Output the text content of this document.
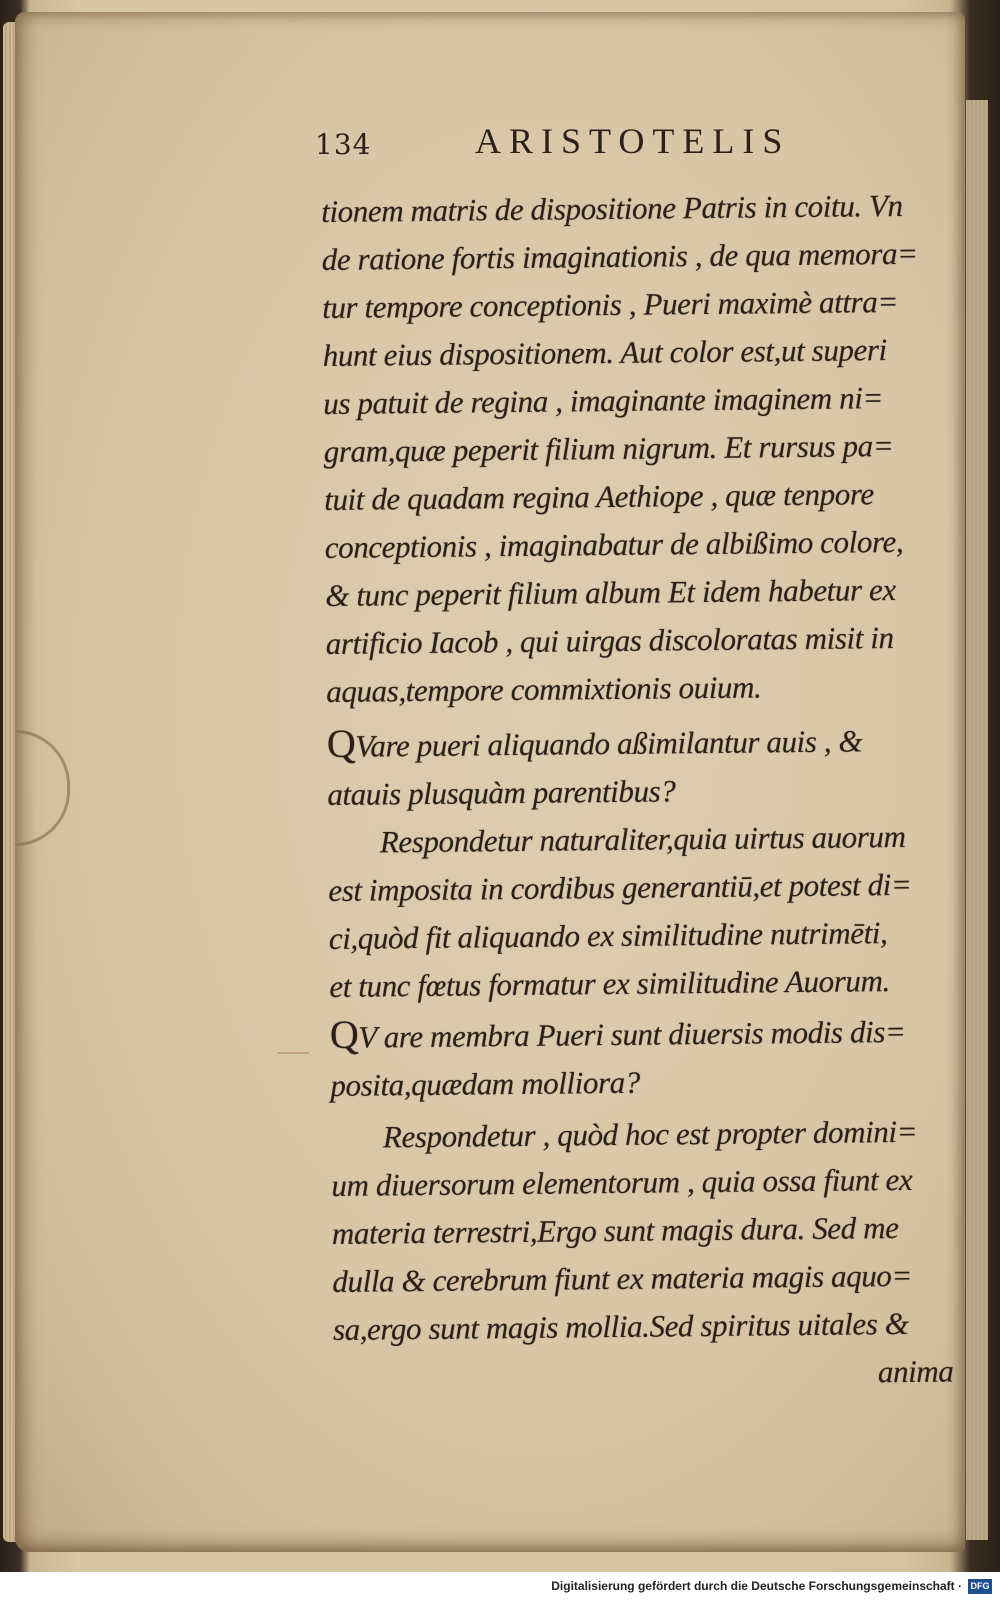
134	ARISTOTELIS
tionem matris de dispositione Patris in coitu. Vn
de ratione fortis imaginationis , de qua memora=
tur tempore conceptionis , Pueri maximè attra=
hunt eius dispositionem. Aut color est,ut superi
us patuit de regina , imaginante imaginem ni=
gram,quæ peperit filium nigrum. Et rursus pa=
tuit de quadam regina Aethiope , quæ tenpore
conceptionis , imaginabatur de albißimo colore,
& tunc peperit filium album Et idem habetur ex
artificio Iacob , qui uirgas discoloratas misit in
aquas,tempore commixtionis ouium.
QVare pueri aliquando aßimilantur auis , &
atauis plusquàm parentibus?
Respondetur naturaliter,quia uirtus auorum
est imposita in cordibus generantiū,et potest di=
ci,quòd fit aliquando ex similitudine nutrimēti,
et tunc fœtus formatur ex similitudine Auorum.
QV are membra Pueri sunt diuersis modis dis=
posita,quædam molliora?
Respondetur , quòd hoc est propter domini=
um diuersorum elementorum , quia ossa fiunt ex
materia terrestri,Ergo sunt magis dura. Sed me
dulla & cerebrum fiunt ex materia magis aquo=
sa,ergo sunt magis mollia.Sed spiritus uitales &
anima
Digitalisierung gefördert durch die Deutsche Forschungsgemeinschaft · DFG
